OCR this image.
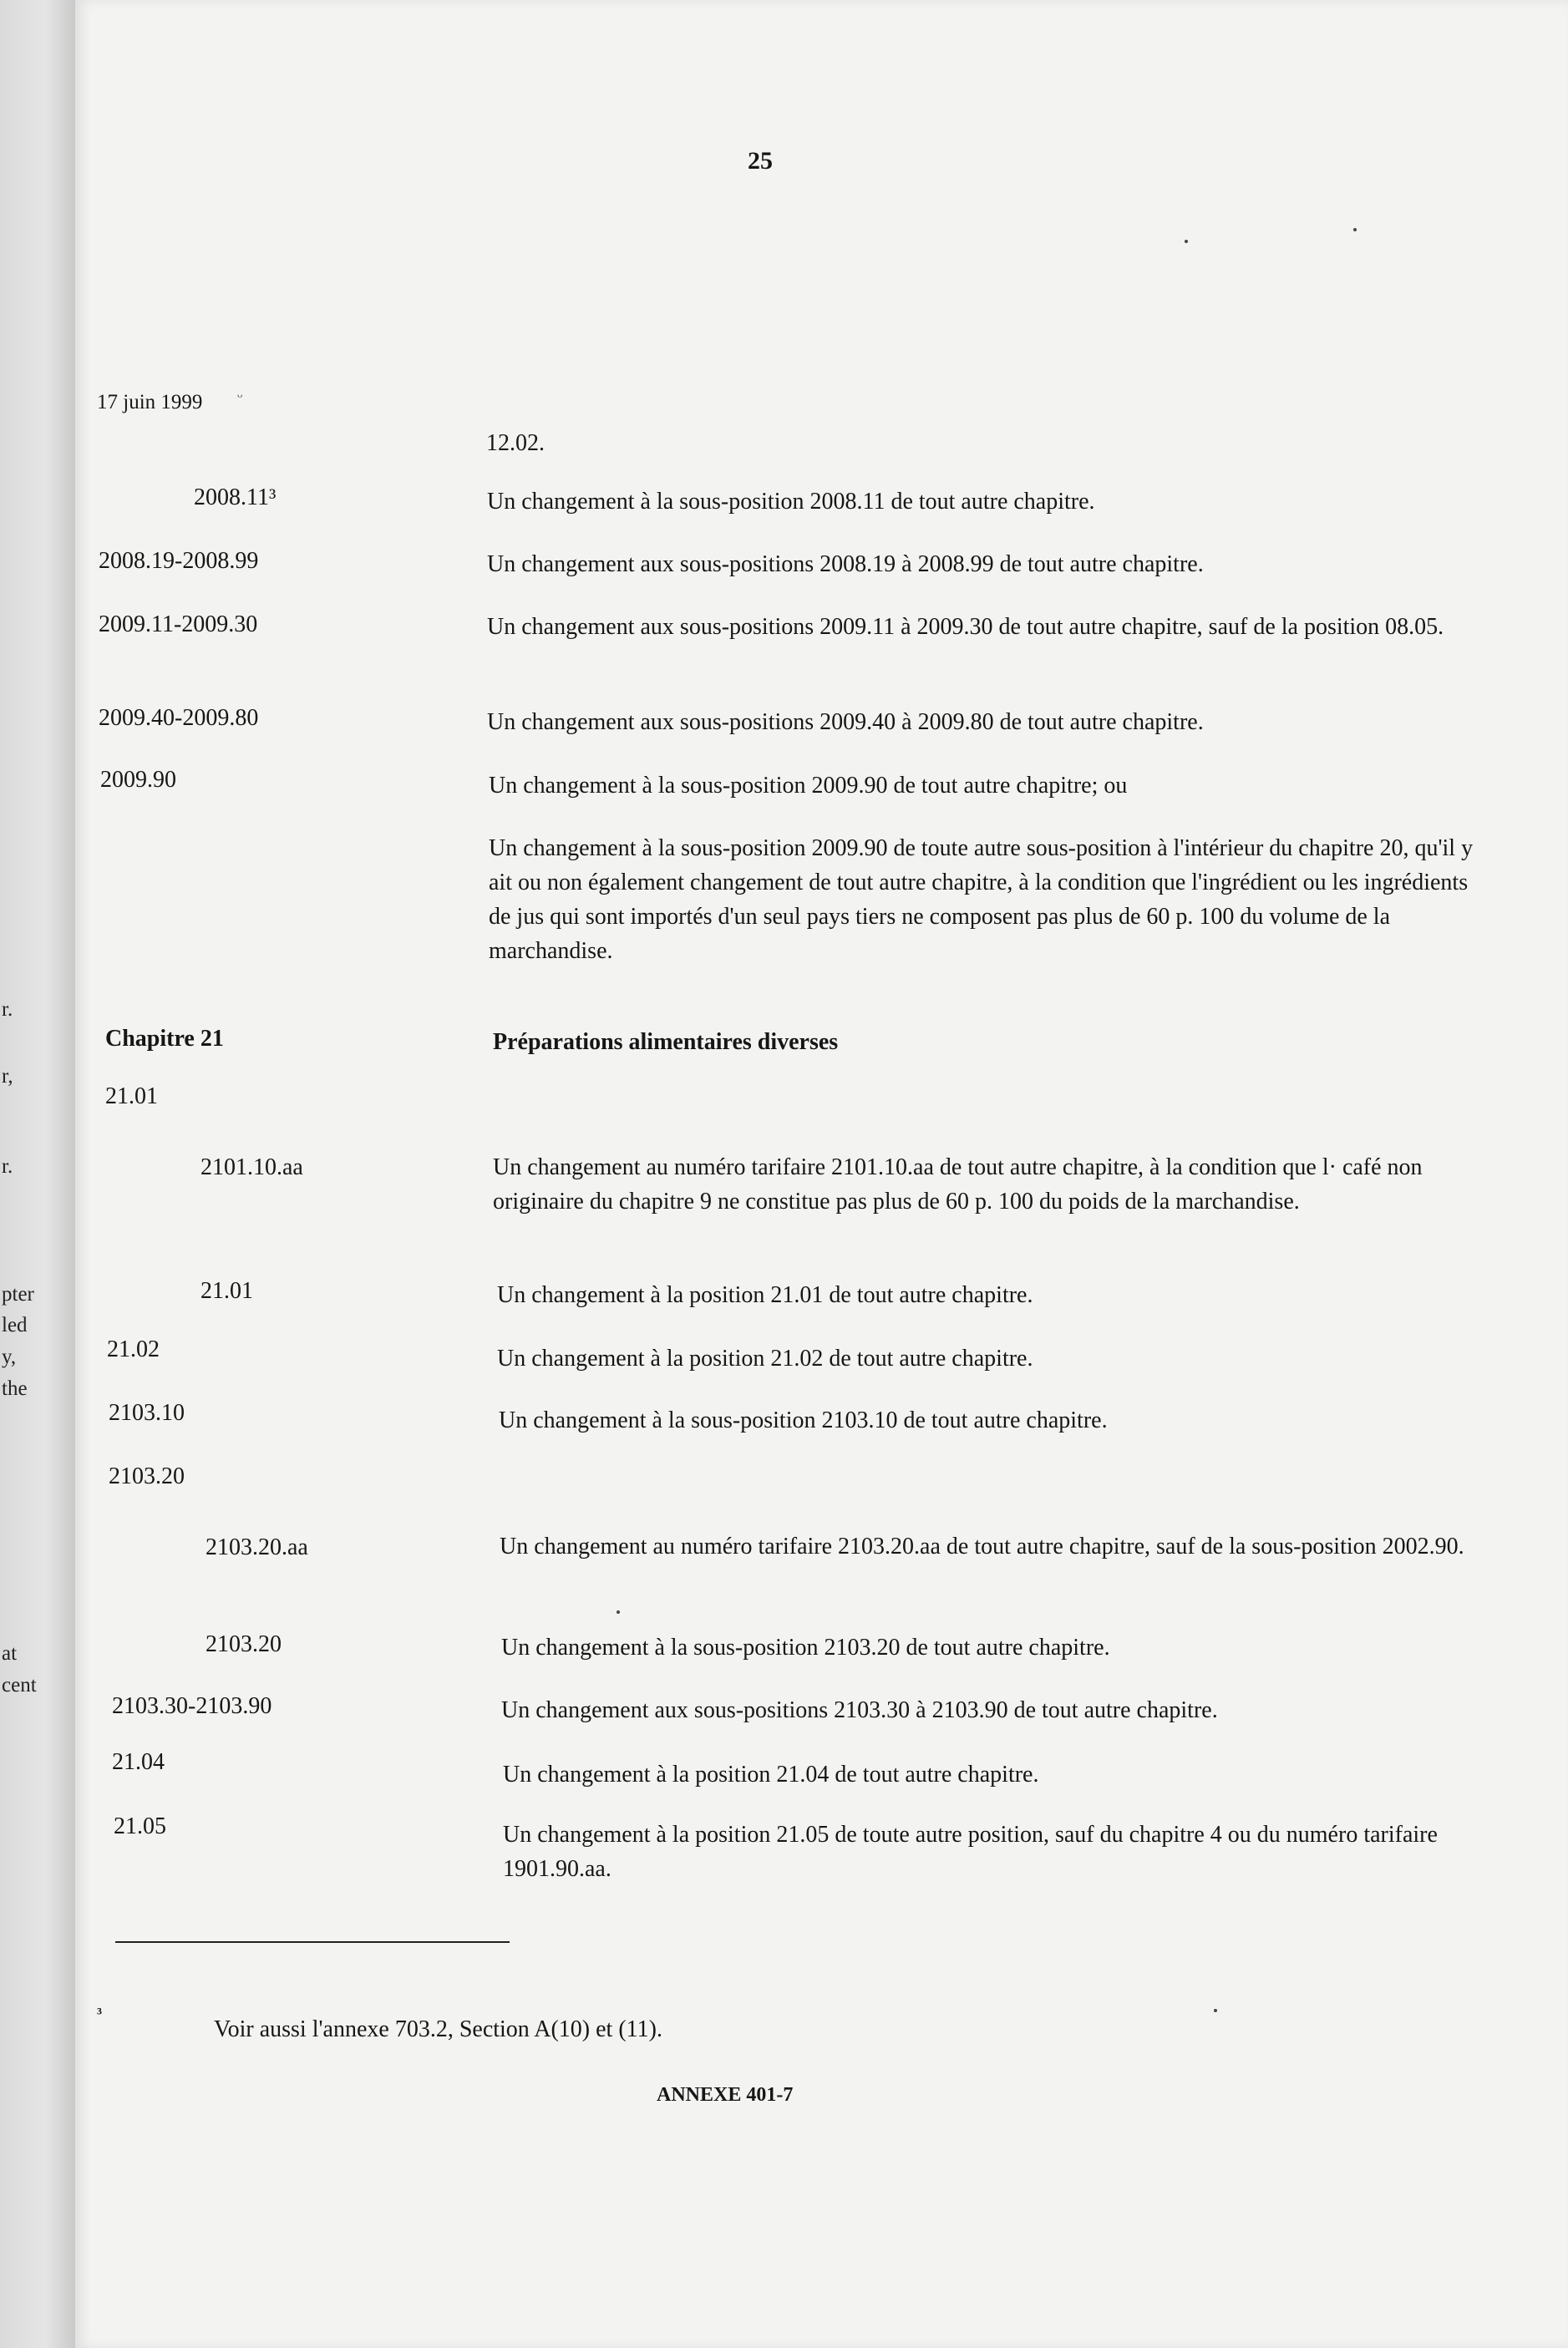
r.
r,
r.
pter
led
y,
the
at
cent
25
17 juin 1999 ᵕ
12.02.
2008.11³	Un changement à la sous-position 2008.11 de tout autre chapitre.
2008.19-2008.99	Un changement aux sous-positions 2008.19 à 2008.99 de tout autre chapitre.
2009.11-2009.30	Un changement aux sous-positions 2009.11 à 2009.30 de tout autre chapitre, sauf de la position 08.05.
2009.40-2009.80	Un changement aux sous-positions 2009.40 à 2009.80 de tout autre chapitre.
2009.90	Un changement à la sous-position 2009.90 de tout autre chapitre; ou
Un changement à la sous-position 2009.90 de toute autre sous-position à l'intérieur du chapitre 20, qu'il y ait ou non également changement de tout autre chapitre, à la condition que l'ingrédient ou les ingrédients de jus qui sont importés d'un seul pays tiers ne composent pas plus de 60 p. 100 du volume de la marchandise.
Chapitre 21	Préparations alimentaires diverses
21.01
2101.10.aa	Un changement au numéro tarifaire 2101.10.aa de tout autre chapitre, à la condition que l· café non originaire du chapitre 9 ne constitue pas plus de 60 p. 100 du poids de la marchandise.
21.01	Un changement à la position 21.01 de tout autre chapitre.
21.02	Un changement à la position 21.02 de tout autre chapitre.
2103.10	Un changement à la sous-position 2103.10 de tout autre chapitre.
2103.20
2103.20.aa	Un changement au numéro tarifaire 2103.20.aa de tout autre chapitre, sauf de la sous-position 2002.90.
2103.20	Un changement à la sous-position 2103.20 de tout autre chapitre.
2103.30-2103.90	Un changement aux sous-positions 2103.30 à 2103.90 de tout autre chapitre.
21.04	Un changement à la position 21.04 de tout autre chapitre.
21.05	Un changement à la position 21.05 de toute autre position, sauf du chapitre 4 ou du numéro tarifaire 1901.90.aa.
³
Voir aussi l'annexe 703.2, Section A(10) et (11).
ANNEXE 401-7
